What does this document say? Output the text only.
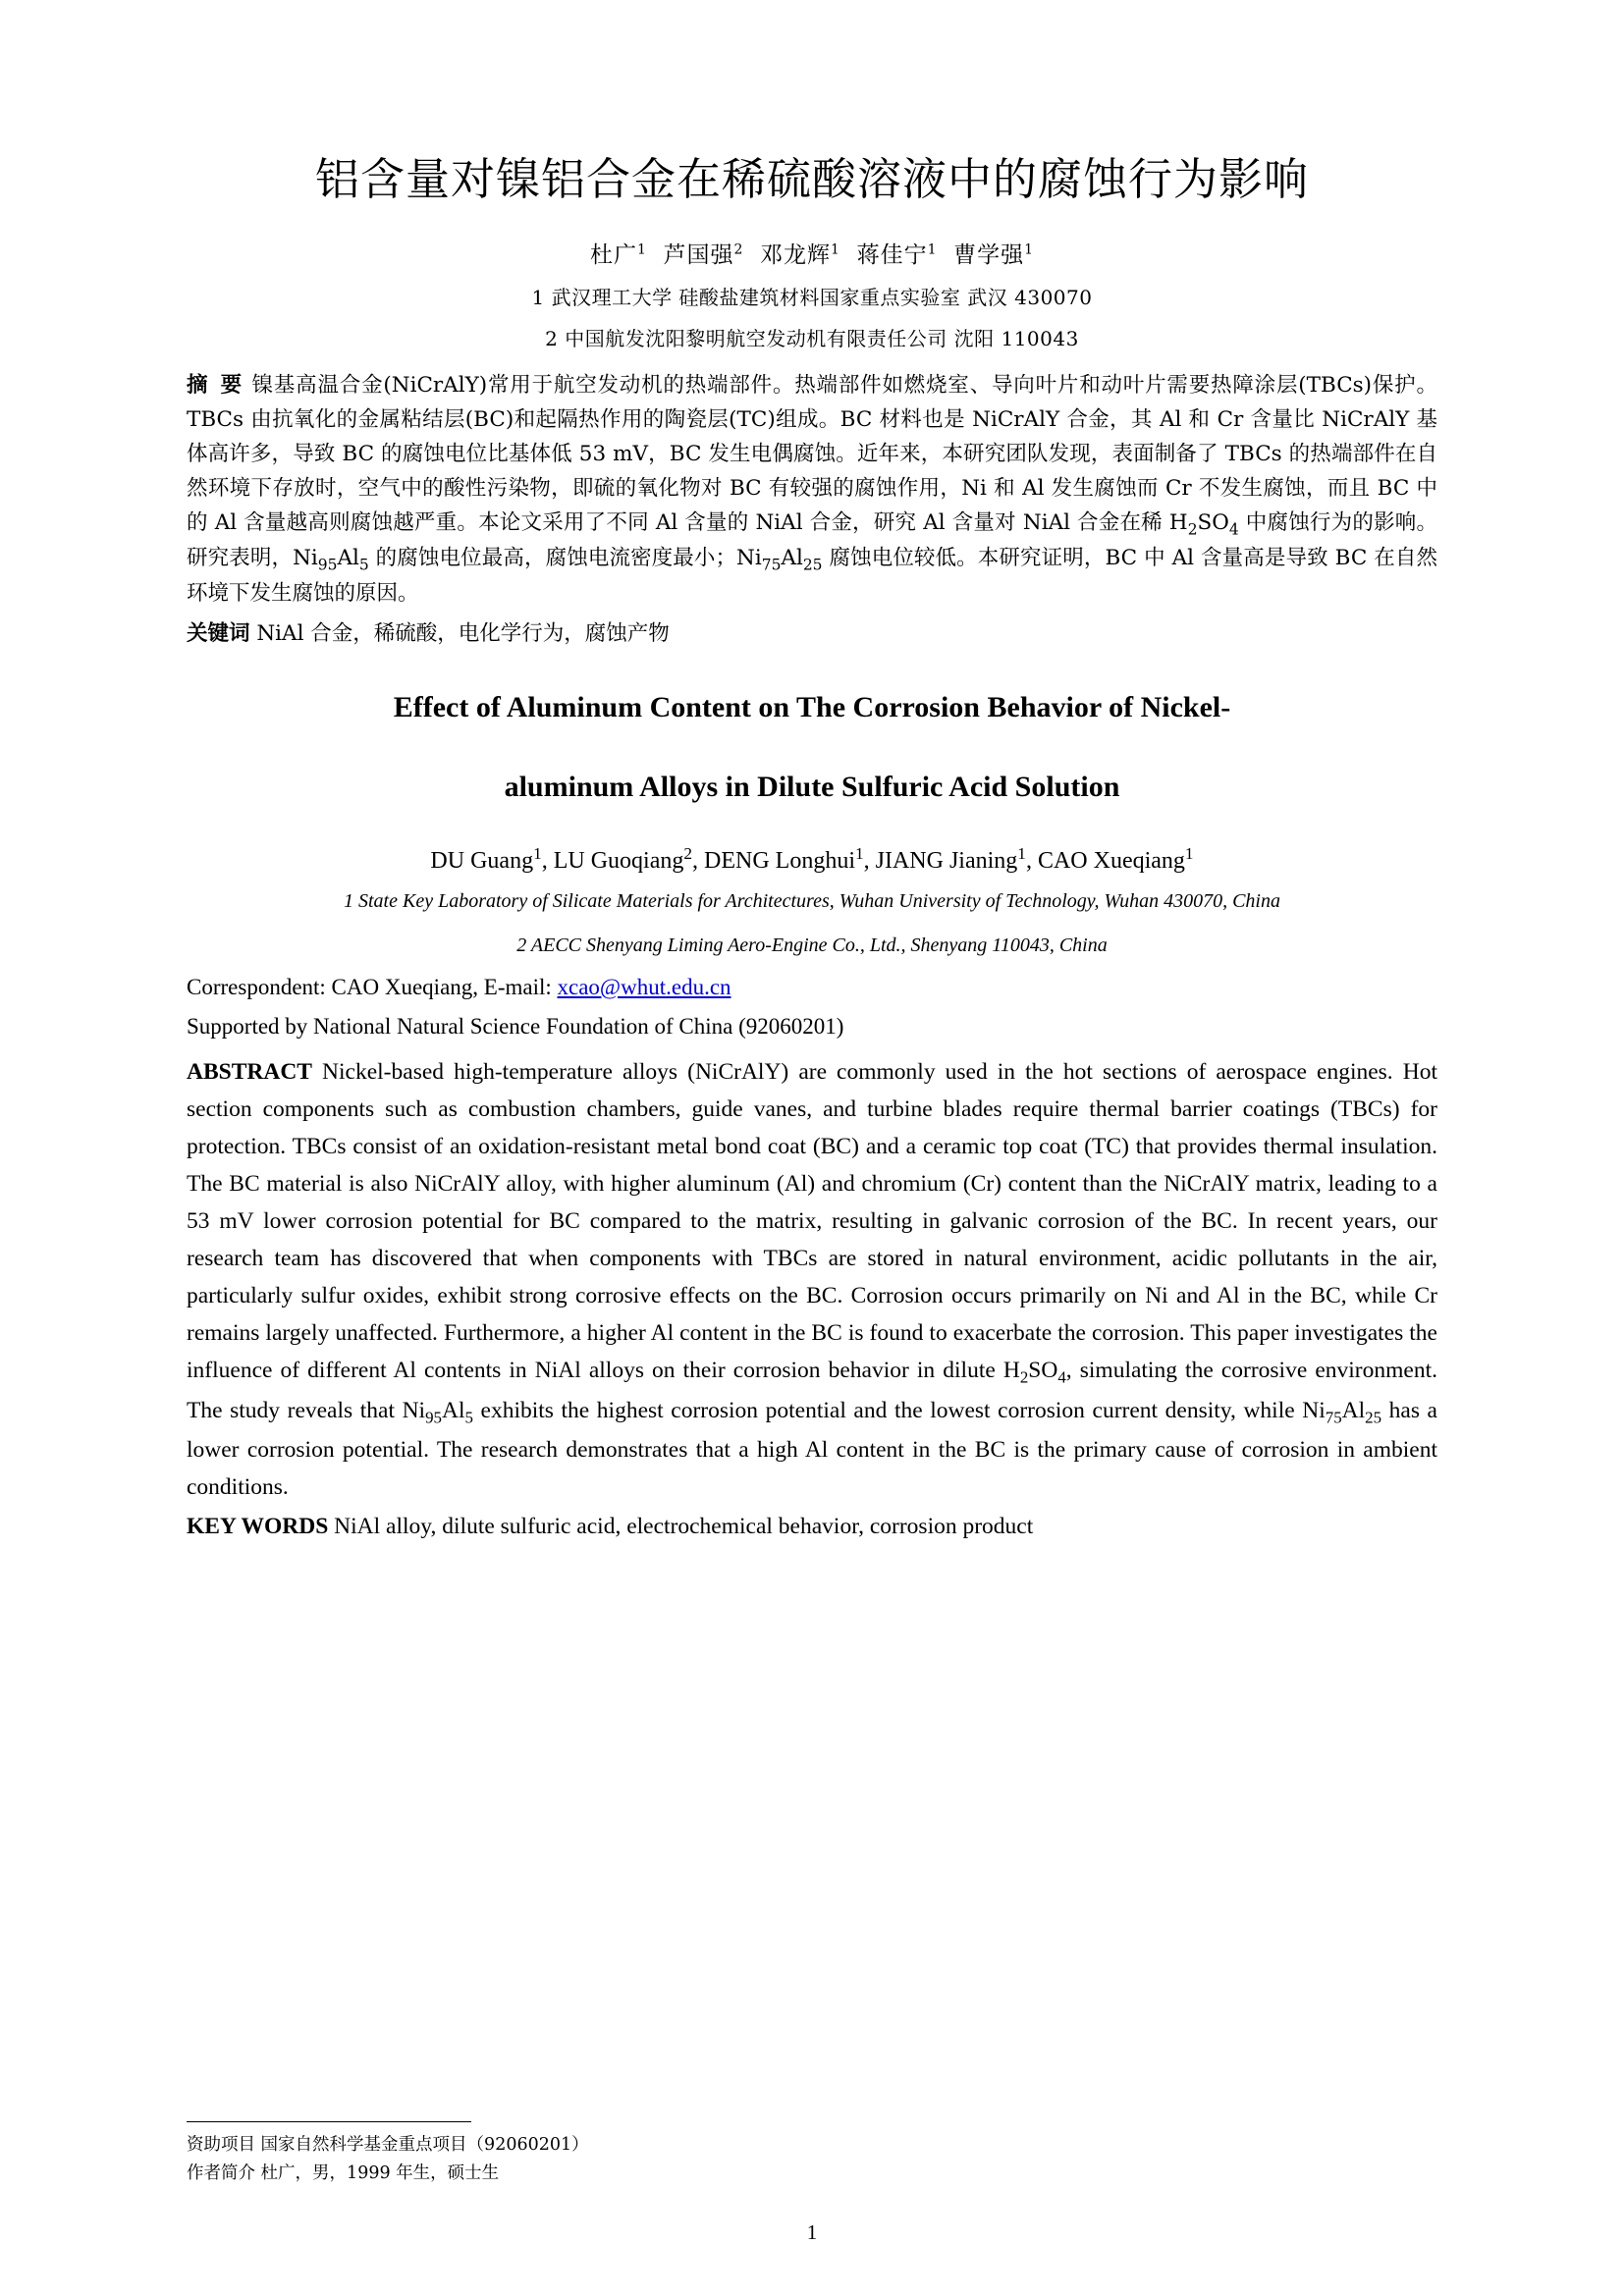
铝含量对镍铝合金在稀硫酸溶液中的腐蚀行为影响
杜广$^1$  芦国强$^2$  邓龙辉$^1$  蒋佳宁$^1$  曹学强$^1$
1 武汉理工大学 硅酸盐建筑材料国家重点实验室 武汉 430070
2 中国航发沈阳黎明航空发动机有限责任公司 沈阳 110043
摘 要 镍基高温合金(NiCrAlY)常用于航空发动机的热端部件。热端部件如燃烧室、导向叶片和动叶片需要热障涂层(TBCs)保护。TBCs 由抗氧化的金属粘结层(BC)和起隔热作用的陶瓷层(TC)组成。BC 材料也是 NiCrAlY 合金，其 Al 和 Cr 含量比 NiCrAlY 基体高许多，导致 BC 的腐蚀电位比基体低 53 mV，BC 发生电偶腐蚀。近年来，本研究团队发现，表面制备了 TBCs 的热端部件在自然环境下存放时，空气中的酸性污染物，即硫的氧化物对 BC 有较强的腐蚀作用，Ni 和 Al 发生腐蚀而 Cr 不发生腐蚀，而且 BC 中的 Al 含量越高则腐蚀越严重。本论文采用了不同 Al 含量的 NiAl 合金，研究 Al 含量对 NiAl 合金在稀 $H_2SO_4$ 中腐蚀行为的影响。研究表明，$Ni_{95}Al_5$ 的腐蚀电位最高，腐蚀电流密度最小；$Ni_{75}Al_{25}$ 腐蚀电位较低。本研究证明，BC 中 Al 含量高是导致 BC 在自然环境下发生腐蚀的原因。
关键词 NiAl 合金，稀硫酸，电化学行为，腐蚀产物
Effect of Aluminum Content on The Corrosion Behavior of Nickel-
aluminum Alloys in Dilute Sulfuric Acid Solution
DU Guang$^1$, LU Guoqiang$^2$, DENG Longhui$^1$, JIANG Jianing$^1$, CAO Xueqiang$^1$
1 State Key Laboratory of Silicate Materials for Architectures, Wuhan University of Technology, Wuhan 430070, China
2 AECC Shenyang Liming Aero-Engine Co., Ltd., Shenyang 110043, China
Correspondent: CAO Xueqiang, E-mail: xcao@whut.edu.cn
Supported by National Natural Science Foundation of China (92060201)
ABSTRACT Nickel-based high-temperature alloys (NiCrAlY) are commonly used in the hot sections of aerospace engines. Hot section components such as combustion chambers, guide vanes, and turbine blades require thermal barrier coatings (TBCs) for protection. TBCs consist of an oxidation-resistant metal bond coat (BC) and a ceramic top coat (TC) that provides thermal insulation. The BC material is also NiCrAlY alloy, with higher aluminum (Al) and chromium (Cr) content than the NiCrAlY matrix, leading to a 53 mV lower corrosion potential for BC compared to the matrix, resulting in galvanic corrosion of the BC. In recent years, our research team has discovered that when components with TBCs are stored in natural environment, acidic pollutants in the air, particularly sulfur oxides, exhibit strong corrosive effects on the BC. Corrosion occurs primarily on Ni and Al in the BC, while Cr remains largely unaffected. Furthermore, a higher Al content in the BC is found to exacerbate the corrosion. This paper investigates the influence of different Al contents in NiAl alloys on their corrosion behavior in dilute $H_2SO_4$, simulating the corrosive environment. The study reveals that $Ni_{95}Al_5$ exhibits the highest corrosion potential and the lowest corrosion current density, while $Ni_{75}Al_{25}$ has a lower corrosion potential. The research demonstrates that a high Al content in the BC is the primary cause of corrosion in ambient conditions.
KEY WORDS NiAl alloy, dilute sulfuric acid, electrochemical behavior, corrosion product
资助项目 国家自然科学基金重点项目（92060201）
作者简介 杜广，男，1999 年生，硕士生
1
